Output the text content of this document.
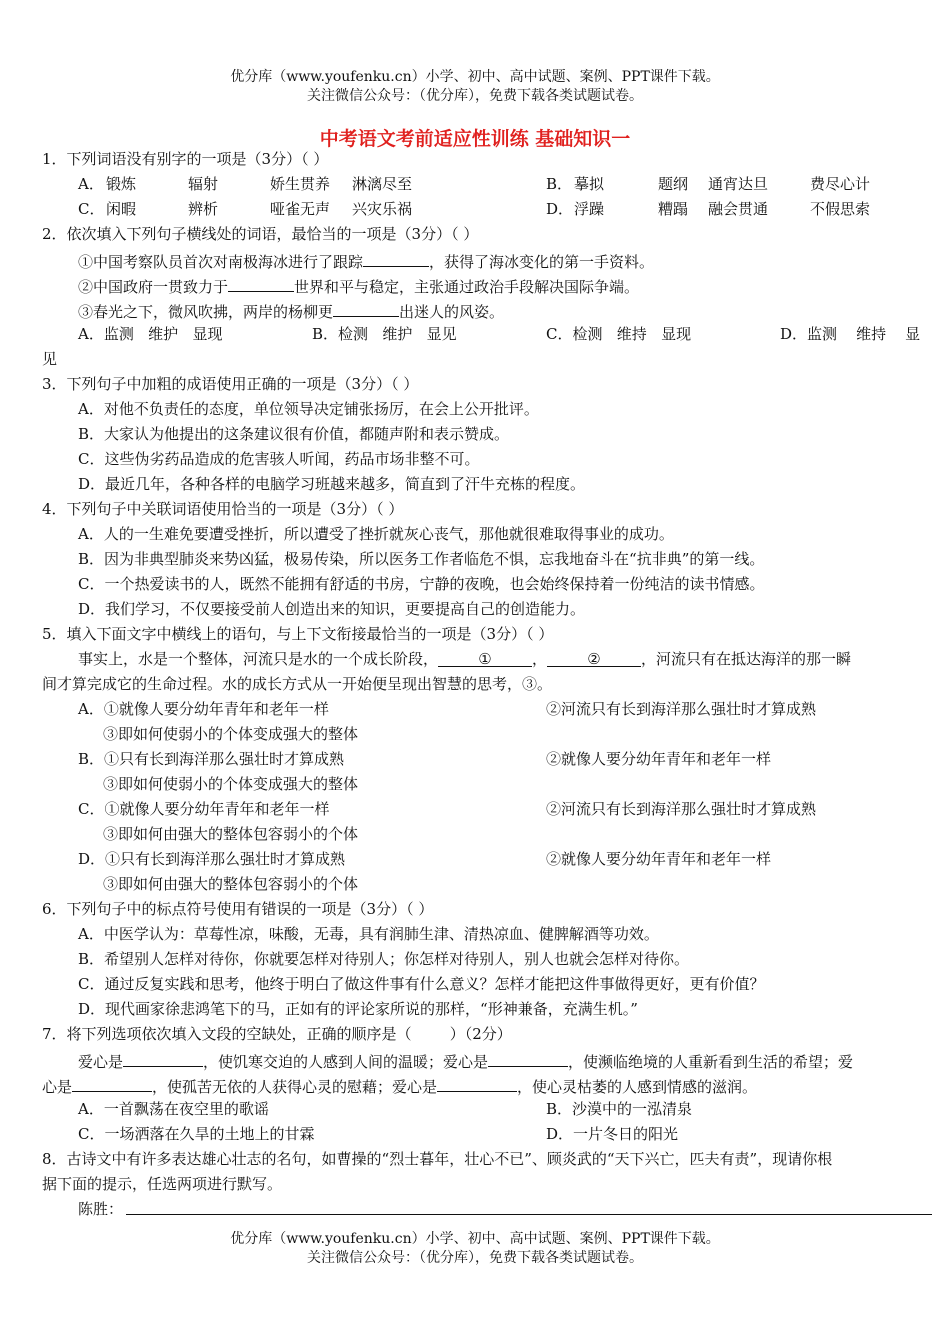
优分库（www.youfenku.cn）小学、初中、高中试题、案例、PPT课件下载。
关注微信公众号：（优分库），免费下载各类试题试卷。
中考语文考前适应性训练 基础知识一
1．下列词语没有别字的一项是（3分）（ ）
A． 锻炼	辐射	娇生贯养 淋漓尽至	B． 摹拟	题纲 通宵达旦	费尽心计
C． 闲暇	辨析	哑雀无声 兴灾乐祸	D．浮躁	糟蹋 融会贯通	不假思索
2．依次填入下列句子横线处的词语，最恰当的一项是（3分）（ ）
①中国考察队员首次对南极海冰进行了跟踪	，获得了海冰变化的第一手资料。
②中国政府一贯致力于	世界和平与稳定，主张通过政治手段解决国际争端。
③春光之下，微风吹拂，两岸的杨柳更	出迷人的风姿。
A．监测   维护   显现	B．检测   维护   显见	C．检测   维持   显现	D．监测    维持    显
见
3．下列句子中加粗的成语使用正确的一项是（3分）（ ）
A．对他不负责任的态度，单位领导决定铺张扬厉，在会上公开批评。
B．大家认为他提出的这条建议很有价值，都随声附和表示赞成。
C．这些伪劣药品造成的危害骇人听闻，药品市场非整不可。
D．最近几年，各种各样的电脑学习班越来越多，简直到了汗牛充栋的程度。
4．下列句子中关联词语使用恰当的一项是（3分）（ ）
A．人的一生难免要遭受挫折，所以遭受了挫折就灰心丧气，那他就很难取得事业的成功。
B．因为非典型肺炎来势凶猛，极易传染，所以医务工作者临危不惧，忘我地奋斗在“抗非典”的第一线。
C．一个热爱读书的人，既然不能拥有舒适的书房，宁静的夜晚，也会始终保持着一份纯洁的读书情感。
D．我们学习，不仅要接受前人创造出来的知识，更要提高自己的创造能力。
5．填入下面文字中横线上的语句，与上下文衔接最恰当的一项是（3分）（ ）
事实上，水是一个整体，河流只是水的一个成长阶段，	①	，	②	，河流只有在抵达海洋的那一瞬
间才算完成它的生命过程。水的成长方式从一开始便呈现出智慧的思考，③。
A．①就像人要分幼年青年和老年一样	②河流只有长到海洋那么强壮时才算成熟
③即如何使弱小的个体变成强大的整体
B．①只有长到海洋那么强壮时才算成熟	②就像人要分幼年青年和老年一样
③即如何使弱小的个体变成强大的整体
C．①就像人要分幼年青年和老年一样	②河流只有长到海洋那么强壮时才算成熟
③即如何由强大的整体包容弱小的个体
D．①只有长到海洋那么强壮时才算成熟	②就像人要分幼年青年和老年一样
③即如何由强大的整体包容弱小的个体
6．下列句子中的标点符号使用有错误的一项是（3分）（ ）
A．中医学认为：草莓性凉，味酸，无毒，具有润肺生津、清热凉血、健脾解酒等功效。
B．希望别人怎样对待你，你就要怎样对待别人；你怎样对待别人，别人也就会怎样对待你。
C．通过反复实践和思考，他终于明白了做这件事有什么意义？怎样才能把这件事做得更好，更有价值？
D．现代画家徐悲鸿笔下的马，正如有的评论家所说的那样，“形神兼备，充满生机。”
7．将下列选项依次填入文段的空缺处，正确的顺序是（        ）（2分）
爱心是	，使饥寒交迫的人感到人间的温暖；爱心是	，使濒临绝境的人重新看到生活的希望；爱
心是	，使孤苦无依的人获得心灵的慰藉；爱心是	，使心灵枯萎的人感到情感的滋润。
A．一首飘荡在夜空里的歌谣	B．沙漠中的一泓清泉
C．一场洒落在久旱的土地上的甘霖	D．一片冬日的阳光
8．古诗文中有许多表达雄心壮志的名句，如曹操的“烈士暮年，壮心不已”、顾炎武的“天下兴亡，匹夫有责”，现请你根
据下面的提示，任选两项进行默写。
陈胜：
优分库（www.youfenku.cn）小学、初中、高中试题、案例、PPT课件下载。
关注微信公众号：（优分库），免费下载各类试题试卷。
